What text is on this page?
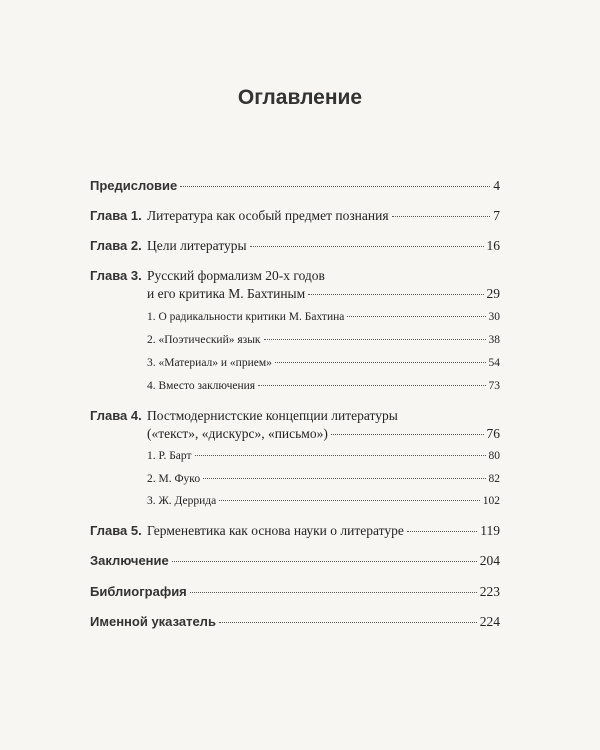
Оглавление
Предисловие	4
Глава 1. Литература как особый предмет познания	7
Глава 2. Цели литературы	16
Глава 3. Русский формализм 20-х годов
и его критика М. Бахтиным	29
1. О радикальности критики М. Бахтина	30
2. «Поэтический» язык	38
3. «Материал» и «прием»	54
4. Вместо заключения	73
Глава 4. Постмодернистские концепции литературы
(«текст», «дискурс», «письмо»)	76
1. Р. Барт	80
2. М. Фуко	82
3. Ж. Деррида	102
Глава 5. Герменевтика как основа науки о литературе	119
Заключение	204
Библиография	223
Именной указатель	224
